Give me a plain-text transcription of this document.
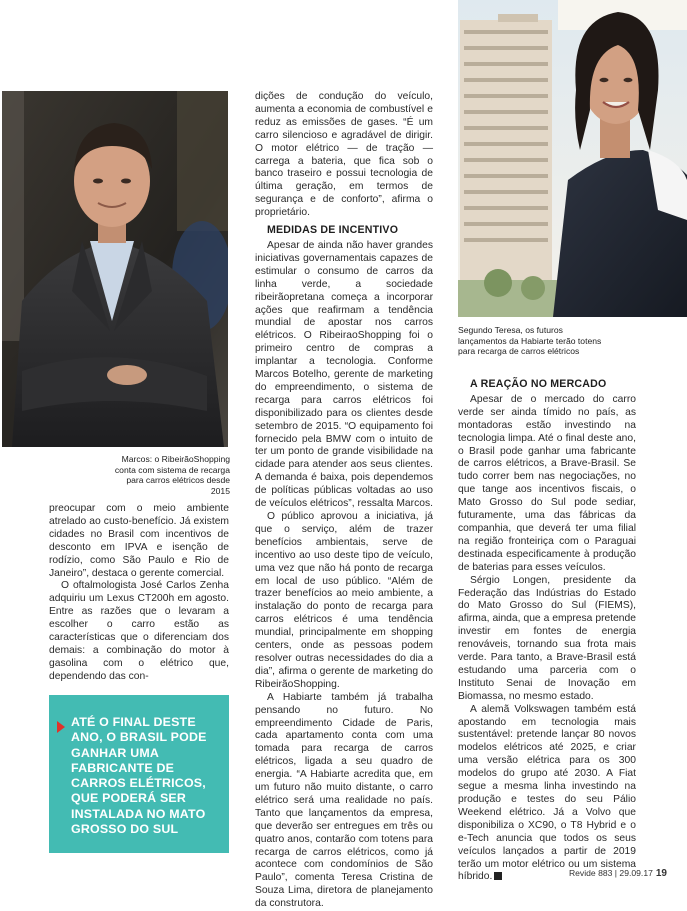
Marcos: o RibeirãoShopping
conta com sistema de recarga
para carros elétricos desde 2015

preocupar com o meio ambiente atrelado ao custo-benefício. Já existem cidades no Brasil com incentivos de desconto em IPVA e isenção de rodízio, como São Paulo e Rio de Janeiro”, destaca o gerente comercial.

O oftalmologista José Carlos Zenha adquiriu um Lexus CT200h em agosto. Entre as razões que o levaram a escolher o carro estão as características que o diferenciam dos demais: a combinação do motor à gasolina com o elétrico que, dependendo das con-

ATÉ O FINAL DESTE ANO, O BRASIL PODE GANHAR UMA FABRICANTE DE CARROS ELÉTRICOS, QUE PODERÁ SER INSTALADA NO MATO GROSSO DO SUL

dições de condução do veículo, aumenta a economia de combustível e reduz as emissões de gases. “É um carro silencioso e agradável de dirigir. O motor elétrico — de tração — carrega a bateria, que fica sob o banco traseiro e possui tecnologia de última geração, em termos de segurança e de conforto”, afirma o proprietário.

MEDIDAS DE INCENTIVO

Apesar de ainda não haver grandes iniciativas governamentais capazes de estimular o consumo de carros da linha verde, a sociedade ribeirãopretana começa a incorporar ações que reafirmam a tendência mundial de apostar nos carros elétricos. O RibeiraoShopping foi o primeiro centro de compras a implantar a tecnologia. Conforme Marcos Botelho, gerente de marketing do empreendimento, o sistema de recarga para carros elétricos foi disponibilizado para os clientes desde setembro de 2015. “O equipamento foi fornecido pela BMW com o intuito de ter um ponto de grande visibilidade na cidade para atender aos seus clientes. A demanda é baixa, pois dependemos de políticas públicas voltadas ao uso de veículos elétricos”, ressalta Marcos.

O público aprovou a iniciativa, já que o serviço, além de trazer benefícios ambientais, serve de incentivo ao uso deste tipo de veículo, uma vez que não há ponto de recarga em local de uso público. “Além de trazer benefícios ao meio ambiente, a instalação do ponto de recarga para carros elétricos é uma tendência mundial, principalmente em shopping centers, onde as pessoas podem resolver outras necessidades do dia a dia”, afirma o gerente de marketing do RibeirãoShopping.

A Habiarte também já trabalha pensando no futuro. No empreendimento Cidade de Paris, cada apartamento conta com uma tomada para recarga de carros elétricos, ligada a seu quadro de energia. “A Habiarte acredita que, em um futuro não muito distante, o carro elétrico será uma realidade no país. Tanto que lançamentos da empresa, que deverão ser entregues em três ou quatro anos, contarão com totens para recarga de carros elétricos, como já acontece com condomínios de São Paulo”, comenta Teresa Cristina de Souza Lima, diretora de planejamento da construtora.

Segundo Teresa, os futuros
lançamentos da Habiarte terão totens
para recarga de carros elétricos
A REAÇÃO NO MERCADO

Apesar de o mercado do carro verde ser ainda tímido no país, as montadoras estão investindo na tecnologia limpa. Até o final deste ano, o Brasil pode ganhar uma fabricante de carros elétricos, a Brave-Brasil. Se tudo correr bem nas negociações, no que tange aos incentivos fiscais, o Mato Grosso do Sul pode sediar, futuramente, uma das fábricas da companhia, que deverá ter uma filial na região fronteiriça com o Paraguai destinada especificamente à produção de baterias para esses veículos.

Sérgio Longen, presidente da Federação das Indústrias do Estado do Mato Grosso do Sul (FIEMS), afirma, ainda, que a empresa pretende investir em fontes de energia renováveis, tornando sua frota mais verde. Para tanto, a Brave-Brasil está estudando uma parceria com o Instituto Senai de Inovação em Biomassa, no mesmo estado.

A alemã Volkswagen também está apostando em tecnologia mais sustentável: pretende lançar 80 novos modelos elétricos até 2025, e criar uma versão elétrica para os 300 modelos do grupo até 2030. A Fiat segue a mesma linha investindo na produção e testes do seu Pálio Weekend elétrico. Já a Volvo que disponibiliza o XC90, o T8 Hybrid e o e-Tech anuncia que todos os seus veículos lançados a partir de 2019 terão um motor elétrico ou um sistema híbrido.	Revide 883 | 29.09.17 19
